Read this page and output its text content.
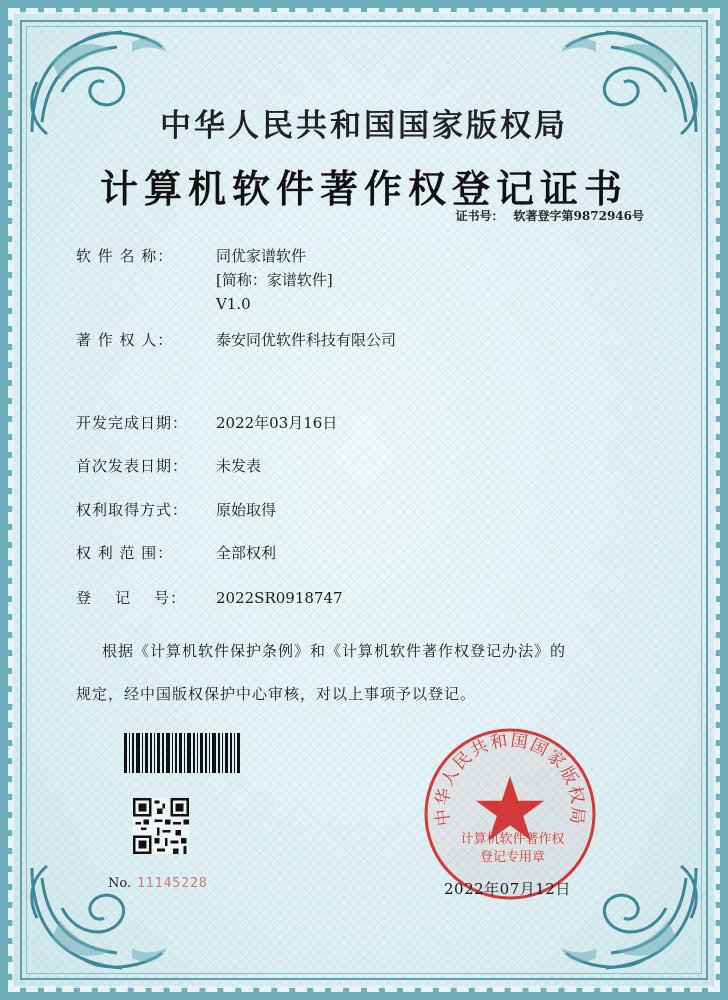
中华人民共和国国家版权局
计算机软件著作权登记证书
证书号： 软著登字第9872946号
软 件 名 称：	同优家谱软件
[简称：家谱软件]
V1.0
著 作 权 人：	泰安同优软件科技有限公司
开发完成日期： 2022年03月16日
首次发表日期： 未发表
权利取得方式： 原始取得
权 利 范 围：	全部权利
登    记    号： 2022SR0918747
根据《计算机软件保护条例》和《计算机软件著作权登记办法》的
规定，经中国版权保护中心审核，对以上事项予以登记。
No. 11145228
中华人民共和国国家版权局
计算机软件著作权
登记专用章
2022年07月12日
